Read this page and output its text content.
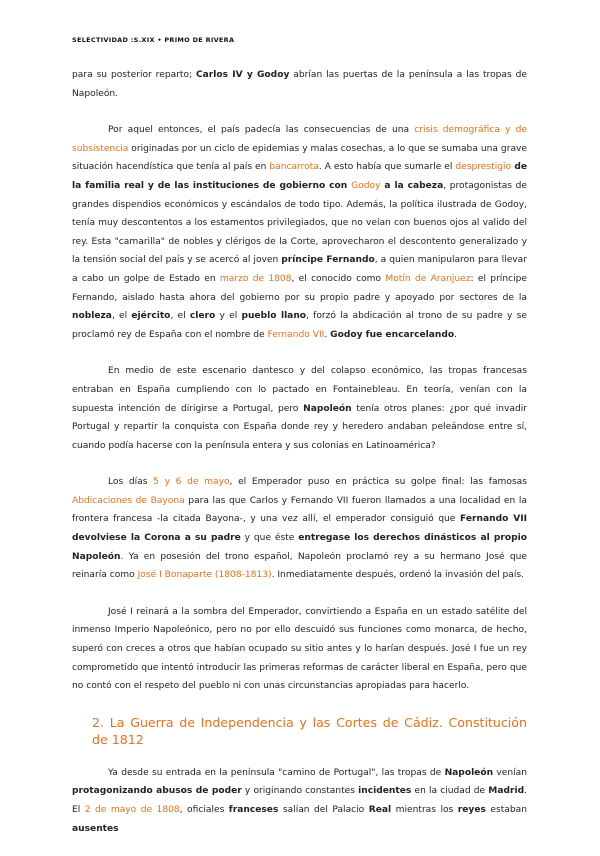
SELECTIVIDAD :S.XIX • PRIMO DE RIVERA

para su posterior reparto; Carlos IV y Godoy abrían las puertas de la península a las tropas de Napoleón.

Por aquel entonces, el país padecía las consecuencias de una crisis demográfica y de subsistencia originadas por un ciclo de epidemias y malas cosechas, a lo que se sumaba una grave situación hacendística que tenía al país en bancarrota. A esto había que sumarle el desprestigio de la familia real y de las instituciones de gobierno con Godoy a la cabeza, protagonistas de grandes dispendios económicos y escándalos de todo tipo. Además, la política ilustrada de Godoy, tenía muy descontentos a los estamentos privilegiados, que no veían con buenos ojos al valido del rey. Esta "camarilla" de nobles y clérigos de la Corte, aprovecharon el descontento generalizado y la tensión social del país y se acercó al joven príncipe Fernando, a quien manipularon para llevar a cabo un golpe de Estado en marzo de 1808, el conocido como Motín de Aranjuez: el príncipe Fernando, aislado hasta ahora del gobierno por su propio padre y apoyado por sectores de la nobleza, el ejército, el clero y el pueblo llano, forzó la abdicación al trono de su padre y se proclamó rey de España con el nombre de Fernando VII. Godoy fue encarcelando.

En medio de este escenario dantesco y del colapso económico, las tropas francesas entraban en España cumpliendo con lo pactado en Fontainebleau. En teoría, venían con la supuesta intención de dirigirse a Portugal, pero Napoleón tenía otros planes: ¿por qué invadir Portugal y repartir la conquista con España donde rey y heredero andaban peleándose entre sí, cuando podía hacerse con la península entera y sus colonias en Latinoamérica?

Los días 5 y 6 de mayo, el Emperador puso en práctica su golpe final: las famosas Abdicaciones de Bayona para las que Carlos y Fernando VII fueron llamados a una localidad en la frontera francesa -la citada Bayona-, y una vez allí, el emperador consiguió que Fernando VII devolviese la Corona a su padre y que éste entregase los derechos dinásticos al propio Napoleón. Ya en posesión del trono español, Napoleón proclamó rey a su hermano José que reinaría como José I Bonaparte (1808-1813). Inmediatamente después, ordenó la invasión del país.

José I reinará a la sombra del Emperador, convirtiendo a España en un estado satélite del inmenso Imperio Napoleónico, pero no por ello descuidó sus funciones como monarca, de hecho, superó con creces a otros que habían ocupado su sitio antes y lo harían después. José I fue un rey comprometido que intentó introducir las primeras reformas de carácter liberal en España, pero que no contó con el respeto del pueblo ni con unas circunstancias apropiadas para hacerlo.

2. La Guerra de Independencia y las Cortes de Cádiz. Constitución de 1812

Ya desde su entrada en la península "camino de Portugal", las tropas de Napoleón venían protagonizando abusos de poder y originando constantes incidentes en la ciudad de Madrid. El 2 de mayo de 1808, oficiales franceses salían del Palacio Real mientras los reyes estaban ausentes
